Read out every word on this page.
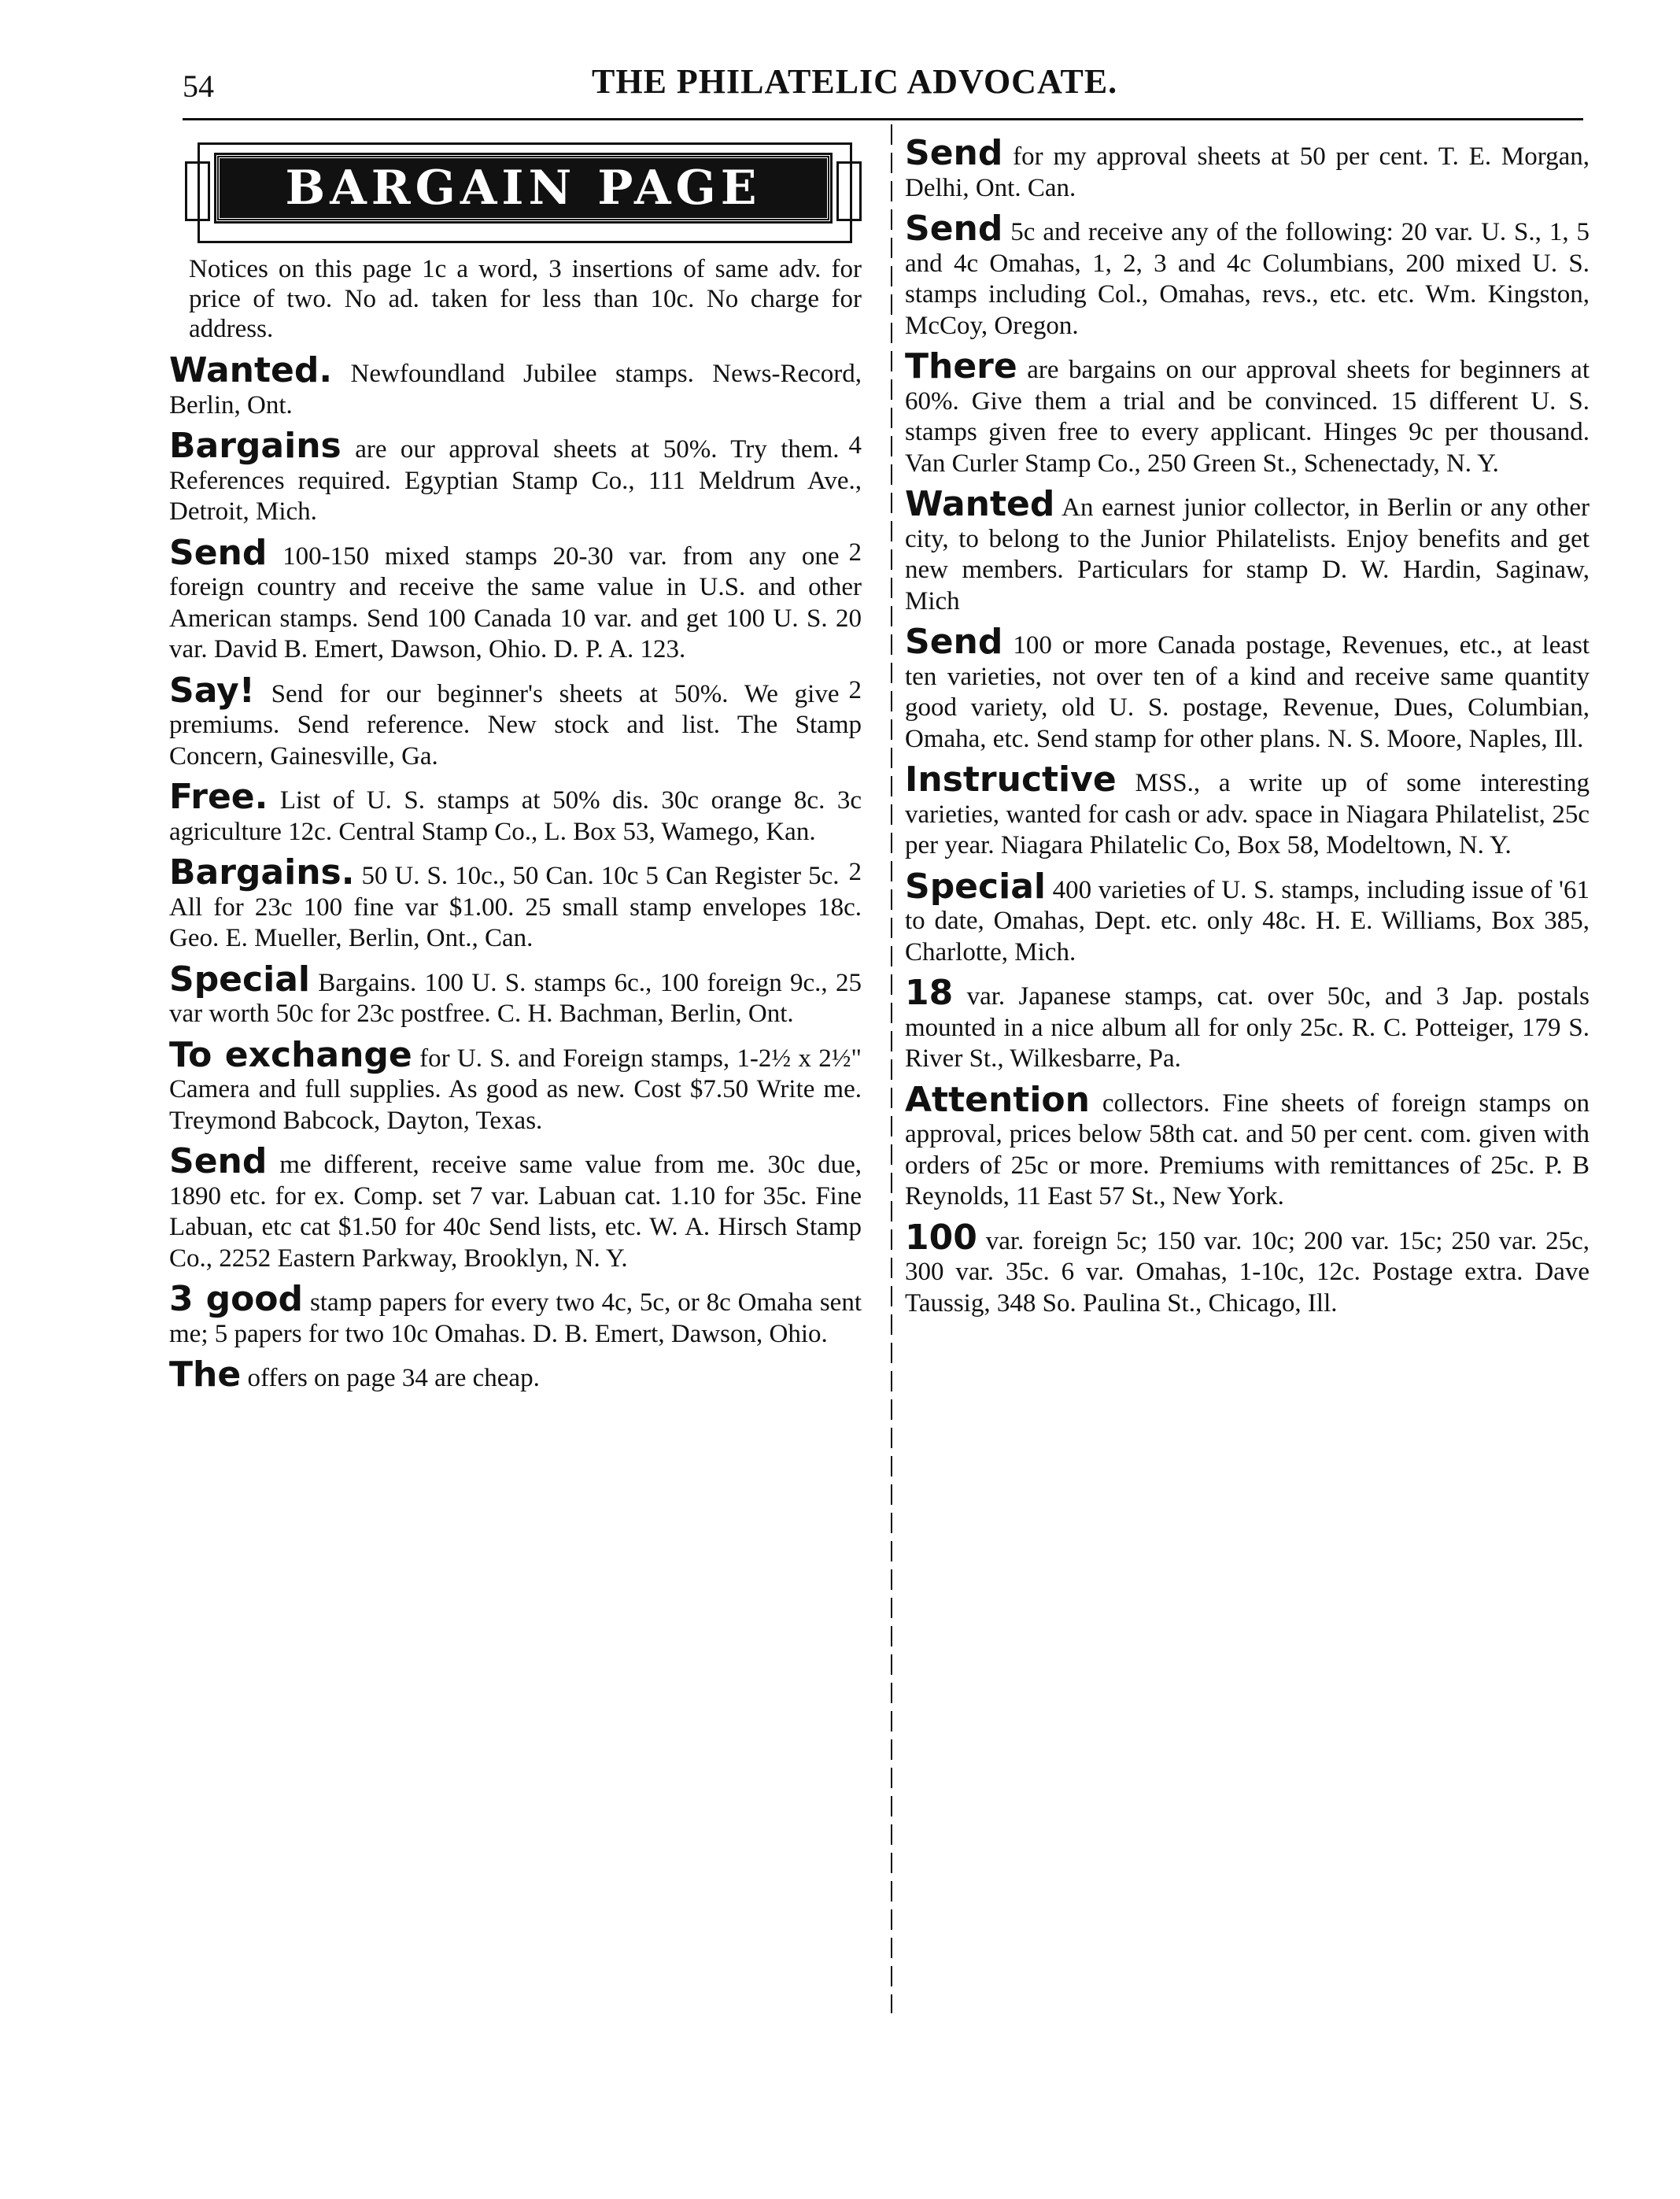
54	THE PHILATELIC ADVOCATE.
BARGAIN PAGE

Notices on this page 1c a word, 3 insertions of same adv. for price of two. No ad. taken for less than 10c. No charge for address.

Wanted. Newfoundland Jubilee stamps. News-Record, Berlin, Ont.

4
Bargains are our approval sheets at 50%. Try them. References required. Egyptian Stamp Co., 111 Meldrum Ave., Detroit, Mich.

2
Send 100-150 mixed stamps 20-30 var. from any one foreign country and receive the same value in U.S. and other American stamps. Send 100 Canada 10 var. and get 100 U. S. 20 var. David B. Emert, Dawson, Ohio. D. P. A. 123.

2
Say! Send for our beginner's sheets at 50%. We give premiums. Send reference. New stock and list. The Stamp Concern, Gainesville, Ga.

Free. List of U. S. stamps at 50% dis. 30c orange 8c. 3c agriculture 12c. Central Stamp Co., L. Box 53, Wamego, Kan.

2
Bargains. 50 U. S. 10c., 50 Can. 10c 5 Can Register 5c. All for 23c 100 fine var $1.00. 25 small stamp envelopes 18c. Geo. E. Mueller, Berlin, Ont., Can.

Special Bargains. 100 U. S. stamps 6c., 100 foreign 9c., 25 var worth 50c for 23c postfree. C. H. Bachman, Berlin, Ont.

To exchange for U. S. and Foreign stamps, 1-2½ x 2½" Camera and full supplies. As good as new. Cost $7.50 Write me. Treymond Babcock, Dayton, Texas.

Send me different, receive same value from me. 30c due, 1890 etc. for ex. Comp. set 7 var. Labuan cat. 1.10 for 35c. Fine Labuan, etc cat $1.50 for 40c Send lists, etc. W. A. Hirsch Stamp Co., 2252 Eastern Parkway, Brooklyn, N. Y.

3 good stamp papers for every two 4c, 5c, or 8c Omaha sent me; 5 papers for two 10c Omahas. D. B. Emert, Dawson, Ohio.

The offers on page 34 are cheap.

Send for my approval sheets at 50 per cent. T. E. Morgan, Delhi, Ont. Can.

Send 5c and receive any of the following: 20 var. U. S., 1, 5 and 4c Omahas, 1, 2, 3 and 4c Columbians, 200 mixed U. S. stamps including Col., Omahas, revs., etc. etc. Wm. Kingston, McCoy, Oregon.

There are bargains on our approval sheets for beginners at 60%. Give them a trial and be convinced. 15 different U. S. stamps given free to every applicant. Hinges 9c per thousand. Van Curler Stamp Co., 250 Green St., Schenectady, N. Y.

Wanted An earnest junior collector, in Berlin or any other city, to belong to the Junior Philatelists. Enjoy benefits and get new members. Particulars for stamp D. W. Hardin, Saginaw, Mich

Send 100 or more Canada postage, Revenues, etc., at least ten varieties, not over ten of a kind and receive same quantity good variety, old U. S. postage, Revenue, Dues, Columbian, Omaha, etc. Send stamp for other plans. N. S. Moore, Naples, Ill.

Instructive MSS., a write up of some interesting varieties, wanted for cash or adv. space in Niagara Philatelist, 25c per year. Niagara Philatelic Co, Box 58, Modeltown, N. Y.

Special 400 varieties of U. S. stamps, including issue of '61 to date, Omahas, Dept. etc. only 48c. H. E. Williams, Box 385, Charlotte, Mich.

18 var. Japanese stamps, cat. over 50c, and 3 Jap. postals mounted in a nice album all for only 25c. R. C. Potteiger, 179 S. River St., Wilkesbarre, Pa.

Attention collectors. Fine sheets of foreign stamps on approval, prices below 58th cat. and 50 per cent. com. given with orders of 25c or more. Premiums with remittances of 25c. P. B Reynolds, 11 East 57 St., New York.

100 var. foreign 5c; 150 var. 10c; 200 var. 15c; 250 var. 25c, 300 var. 35c. 6 var. Omahas, 1-10c, 12c. Postage extra. Dave Taussig, 348 So. Paulina St., Chicago, Ill.
